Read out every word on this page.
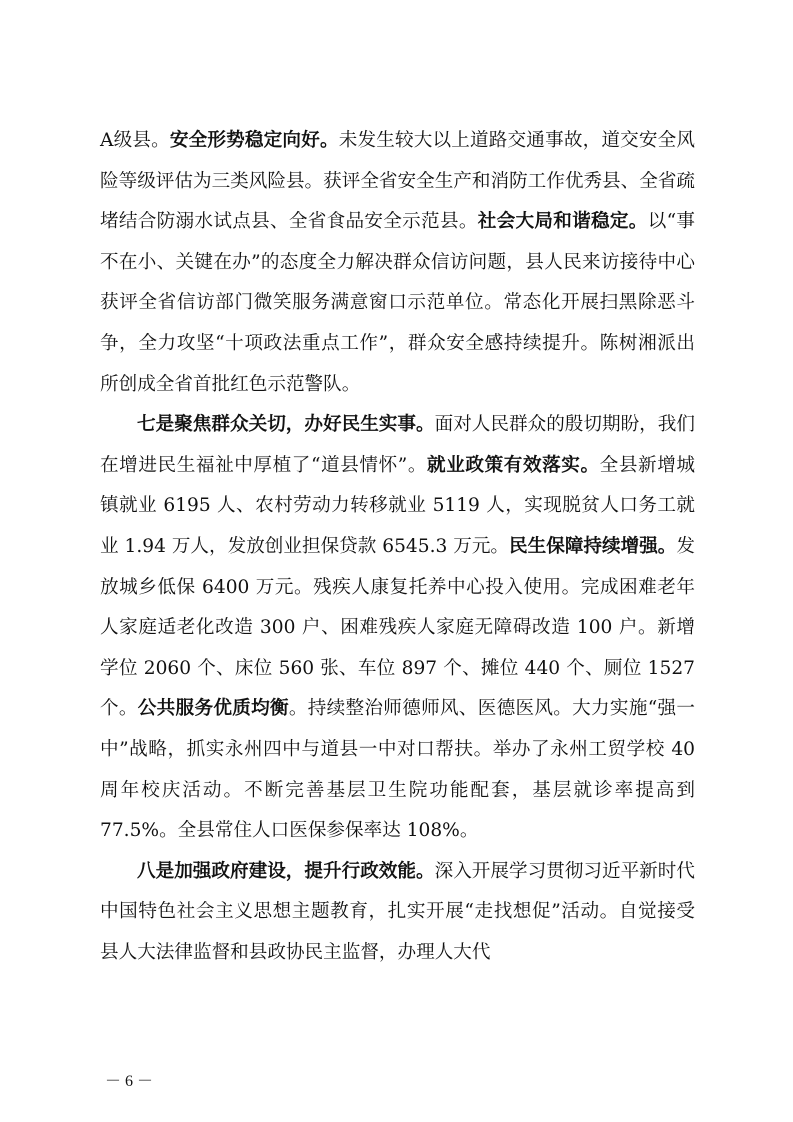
A级县。安全形势稳定向好。未发生较大以上道路交通事故，道交安全风险等级评估为三类风险县。获评全省安全生产和消防工作优秀县、全省疏堵结合防溺水试点县、全省食品安全示范县。社会大局和谐稳定。以“事不在小、关键在办”的态度全力解决群众信访问题，县人民来访接待中心获评全省信访部门微笑服务满意窗口示范单位。常态化开展扫黑除恶斗争，全力攻坚“十项政法重点工作”，群众安全感持续提升。陈树湘派出所创成全省首批红色示范警队。

七是聚焦群众关切，办好民生实事。面对人民群众的殷切期盼，我们在增进民生福祉中厚植了“道县情怀”。就业政策有效落实。全县新增城镇就业 6195 人、农村劳动力转移就业 5119 人，实现脱贫人口务工就业 1.94 万人，发放创业担保贷款 6545.3 万元。民生保障持续增强。发放城乡低保 6400 万元。残疾人康复托养中心投入使用。完成困难老年人家庭适老化改造 300 户、困难残疾人家庭无障碍改造 100 户。新增学位 2060 个、床位 560 张、车位 897 个、摊位 440 个、厕位 1527 个。公共服务优质均衡。持续整治师德师风、医德医风。大力实施“强一中”战略，抓实永州四中与道县一中对口帮扶。举办了永州工贸学校 40 周年校庆活动。不断完善基层卫生院功能配套，基层就诊率提高到 77.5%。全县常住人口医保参保率达 108%。

八是加强政府建设，提升行政效能。深入开展学习贯彻习近平新时代中国特色社会主义思想主题教育，扎实开展“走找想促”活动。自觉接受县人大法律监督和县政协民主监督，办理人大代

－ 6 －
